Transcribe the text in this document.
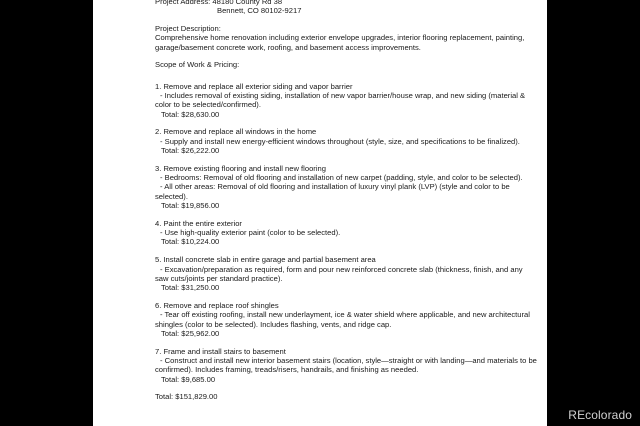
Project Address: 48180 County Rd 38
Bennett, CO 80102-9217
Project Description:
Comprehensive home renovation including exterior envelope upgrades, interior flooring replacement, painting, garage/basement concrete work, roofing, and basement access improvements.
Scope of Work & Pricing:
1. Remove and replace all exterior siding and vapor barrier
- Includes removal of existing siding, installation of new vapor barrier/house wrap, and new siding (material & color to be selected/confirmed).
Total: $28,630.00
2. Remove and replace all windows in the home
- Supply and install new energy-efficient windows throughout (style, size, and specifications to be finalized).
Total: $26,222.00
3. Remove existing flooring and install new flooring
- Bedrooms: Removal of old flooring and installation of new carpet (padding, style, and color to be selected).
- All other areas: Removal of old flooring and installation of luxury vinyl plank (LVP) (style and color to be selected).
Total: $19,856.00
4. Paint the entire exterior
- Use high-quality exterior paint (color to be selected).
Total: $10,224.00
5. Install concrete slab in entire garage and partial basement area
- Excavation/preparation as required, form and pour new reinforced concrete slab (thickness, finish, and any saw cuts/joints per standard practice).
Total: $31,250.00
6. Remove and replace roof shingles
- Tear off existing roofing, install new underlayment, ice & water shield where applicable, and new architectural shingles (color to be selected). Includes flashing, vents, and ridge cap.
Total: $25,962.00
7. Frame and install stairs to basement
- Construct and install new interior basement stairs (location, style—straight or with landing—and materials to be confirmed). Includes framing, treads/risers, handrails, and finishing as needed.
Total: $9,685.00
Total: $151,829.00
REcolorado
